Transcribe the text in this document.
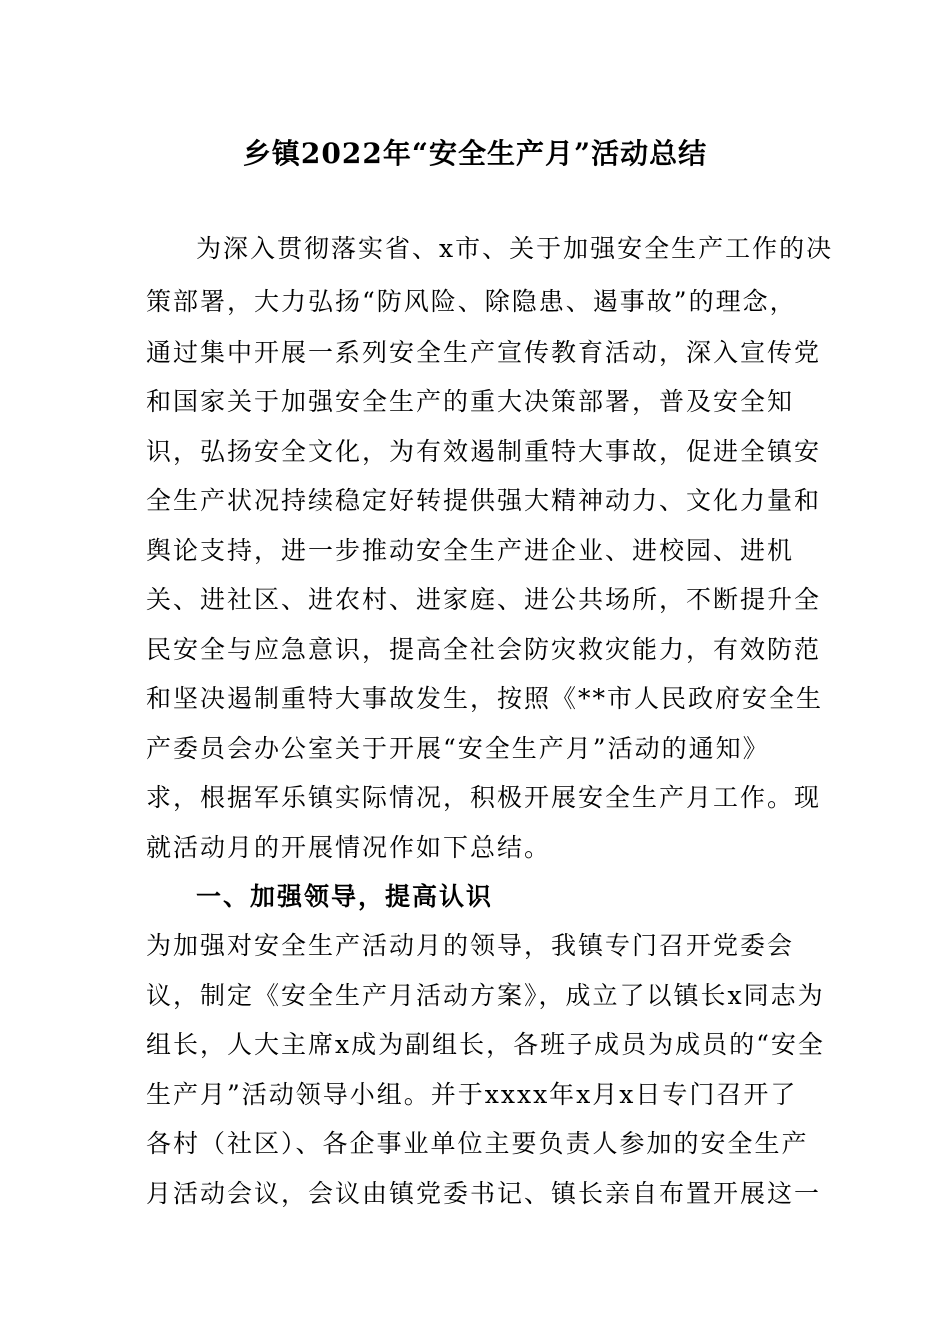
乡镇2022年“安全生产月”活动总结
为深入贯彻落实省、x市、关于加强安全生产工作的决
策部署，大力弘扬“防风险、除隐患、遏事故”的理念，
通过集中开展一系列安全生产宣传教育活动，深入宣传党
和国家关于加强安全生产的重大决策部署，普及安全知
识，弘扬安全文化，为有效遏制重特大事故，促进全镇安
全生产状况持续稳定好转提供强大精神动力、文化力量和
舆论支持，进一步推动安全生产进企业、进校园、进机
关、进社区、进农村、进家庭、进公共场所，不断提升全
民安全与应急意识，提高全社会防灾救灾能力，有效防范
和坚决遏制重特大事故发生，按照《**市人民政府安全生
产委员会办公室关于开展“安全生产月”活动的通知》
求，根据军乐镇实际情况，积极开展安全生产月工作。现
就活动月的开展情况作如下总结。
一、加强领导，提高认识
为加强对安全生产活动月的领导，我镇专门召开党委会
议，制定《安全生产月活动方案》，成立了以镇长x同志为
组长，人大主席x成为副组长，各班子成员为成员的“安全
生产月”活动领导小组。并于xxxx年x月x日专门召开了
各村（社区）、各企事业单位主要负责人参加的安全生产
月活动会议，会议由镇党委书记、镇长亲自布置开展这一
